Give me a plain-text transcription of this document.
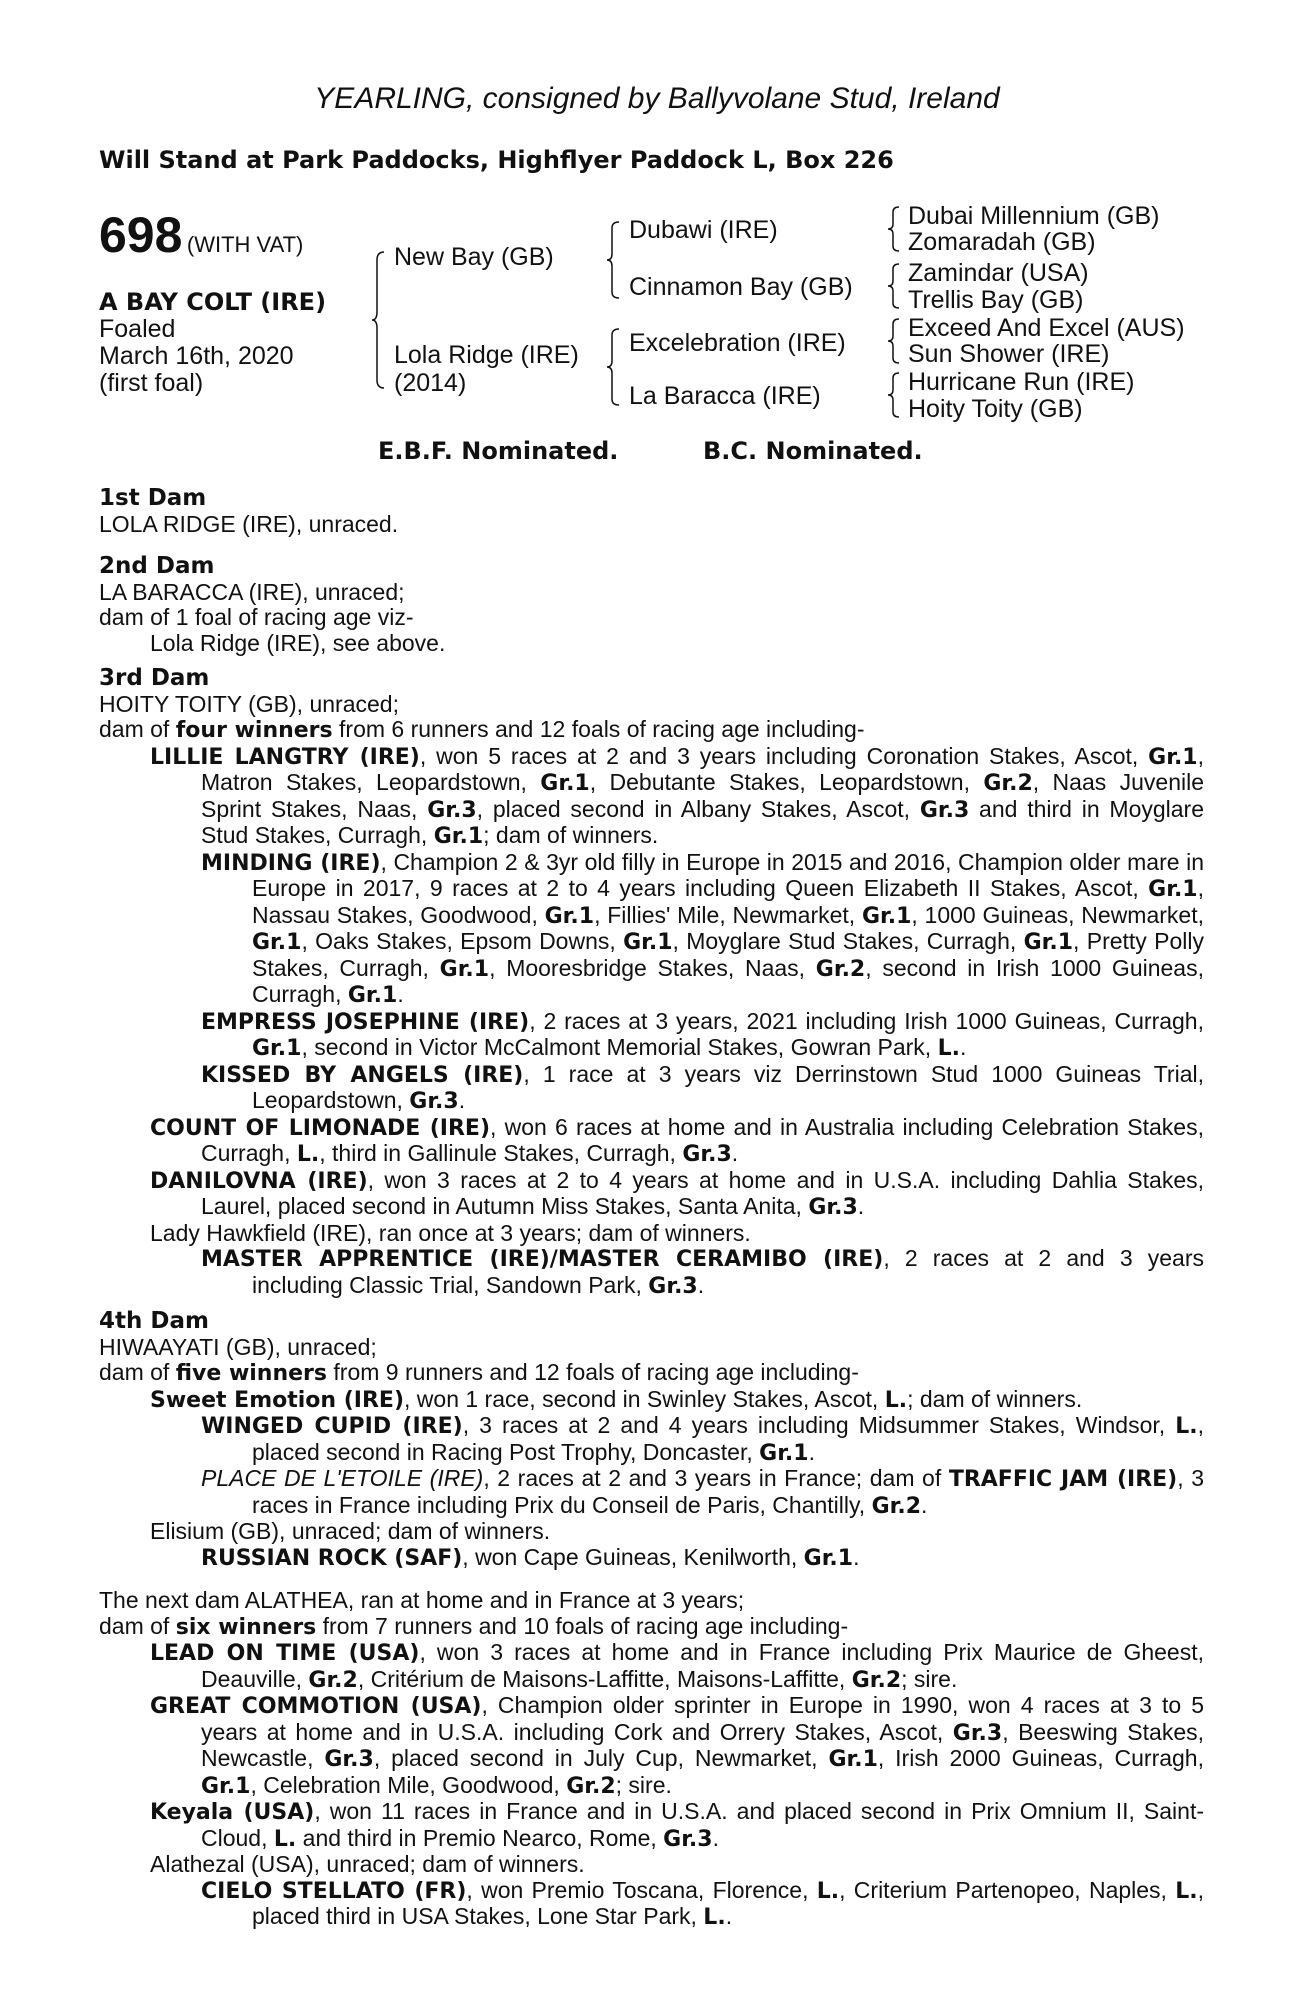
YEARLING, consigned by Ballyvolane Stud, Ireland
Will Stand at Park Paddocks, Highflyer Paddock L, Box 226
698 (WITH VAT)
A BAY COLT (IRE)
Foaled
March 16th, 2020
(first foal)
New Bay (GB)
Lola Ridge (IRE)
(2014)
Dubawi (IRE)
Cinnamon Bay (GB)
Excelebration (IRE)
La Baracca (IRE)
Dubai Millennium (GB)
Zomaradah (GB)
Zamindar (USA)
Trellis Bay (GB)
Exceed And Excel (AUS)
Sun Shower (IRE)
Hurricane Run (IRE)
Hoity Toity (GB)
E.B.F. Nominated.	B.C. Nominated.

1st Dam

LOLA RIDGE (IRE), unraced.

2nd Dam

LA BARACCA (IRE), unraced;

dam of 1 foal of racing age viz-

Lola Ridge (IRE), see above.

3rd Dam

HOITY TOITY (GB), unraced;

dam of four winners from 6 runners and 12 foals of racing age including-

LILLIE LANGTRY (IRE), won 5 races at 2 and 3 years including Coronation Stakes, Ascot, Gr.1, Matron Stakes, Leopardstown, Gr.1, Debutante Stakes, Leopardstown, Gr.2, Naas Juvenile Sprint Stakes, Naas, Gr.3, placed second in Albany Stakes, Ascot, Gr.3 and third in Moyglare Stud Stakes, Curragh, Gr.1; dam of winners.

MINDING (IRE), Champion 2 & 3yr old filly in Europe in 2015 and 2016, Champion older mare in Europe in 2017, 9 races at 2 to 4 years including Queen Elizabeth II Stakes, Ascot, Gr.1, Nassau Stakes, Goodwood, Gr.1, Fillies' Mile, Newmarket, Gr.1, 1000 Guineas, Newmarket, Gr.1, Oaks Stakes, Epsom Downs, Gr.1, Moyglare Stud Stakes, Curragh, Gr.1, Pretty Polly Stakes, Curragh, Gr.1, Mooresbridge Stakes, Naas, Gr.2, second in Irish 1000 Guineas, Curragh, Gr.1.

EMPRESS JOSEPHINE (IRE), 2 races at 3 years, 2021 including Irish 1000 Guineas, Curragh, Gr.1, second in Victor McCalmont Memorial Stakes, Gowran Park, L..

KISSED BY ANGELS (IRE), 1 race at 3 years viz Derrinstown Stud 1000 Guineas Trial, Leopardstown, Gr.3.

COUNT OF LIMONADE (IRE), won 6 races at home and in Australia including Celebration Stakes, Curragh, L., third in Gallinule Stakes, Curragh, Gr.3.

DANILOVNA (IRE), won 3 races at 2 to 4 years at home and in U.S.A. including Dahlia Stakes, Laurel, placed second in Autumn Miss Stakes, Santa Anita, Gr.3.

Lady Hawkfield (IRE), ran once at 3 years; dam of winners.

MASTER APPRENTICE (IRE)/MASTER CERAMIBO (IRE), 2 races at 2 and 3 years including Classic Trial, Sandown Park, Gr.3.

4th Dam

HIWAAYATI (GB), unraced;

dam of five winners from 9 runners and 12 foals of racing age including-

Sweet Emotion (IRE), won 1 race, second in Swinley Stakes, Ascot, L.; dam of winners.

WINGED CUPID (IRE), 3 races at 2 and 4 years including Midsummer Stakes, Windsor, L., placed second in Racing Post Trophy, Doncaster, Gr.1.

PLACE DE L'ETOILE (IRE), 2 races at 2 and 3 years in France; dam of TRAFFIC JAM (IRE), 3 races in France including Prix du Conseil de Paris, Chantilly, Gr.2.

Elisium (GB), unraced; dam of winners.

RUSSIAN ROCK (SAF), won Cape Guineas, Kenilworth, Gr.1.

The next dam ALATHEA, ran at home and in France at 3 years;

dam of six winners from 7 runners and 10 foals of racing age including-

LEAD ON TIME (USA), won 3 races at home and in France including Prix Maurice de Gheest, Deauville, Gr.2, Critérium de Maisons-Laffitte, Maisons-Laffitte, Gr.2; sire.

GREAT COMMOTION (USA), Champion older sprinter in Europe in 1990, won 4 races at 3 to 5 years at home and in U.S.A. including Cork and Orrery Stakes, Ascot, Gr.3, Beeswing Stakes, Newcastle, Gr.3, placed second in July Cup, Newmarket, Gr.1, Irish 2000 Guineas, Curragh, Gr.1, Celebration Mile, Goodwood, Gr.2; sire.

Keyala (USA), won 11 races in France and in U.S.A. and placed second in Prix Omnium II, Saint-Cloud, L. and third in Premio Nearco, Rome, Gr.3.

Alathezal (USA), unraced; dam of winners.

CIELO STELLATO (FR), won Premio Toscana, Florence, L., Criterium Partenopeo, Naples, L., placed third in USA Stakes, Lone Star Park, L..
